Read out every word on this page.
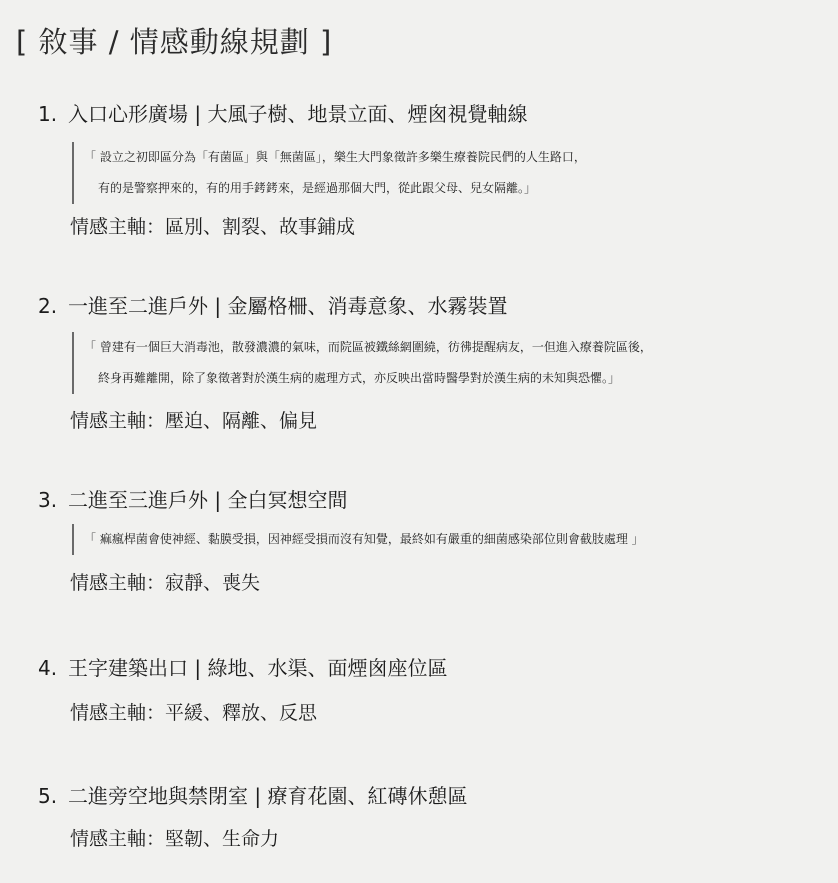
[ 敘事 / 情感動線規劃 ]
1. 入口心形廣場 | 大風子樹、地景立面、煙囪視覺軸線
「 設立之初即區分為「有菌區」與「無菌區」，樂生大門象徵許多樂生療養院民們的人生路口，
有的是警察押來的，有的用手銬銬來，是經過那個大門，從此跟父母、兒女隔離。」
情感主軸：區別、割裂、故事鋪成
2. 一進至二進戶外 | 金屬格柵、消毒意象、水霧裝置
「 曾建有一個巨大消毒池，散發濃濃的氣味，而院區被鐵絲網圍繞，彷彿提醒病友，一但進入療養院區後，
終身再難離開，除了象徵著對於漢生病的處理方式，亦反映出當時醫學對於漢生病的未知與恐懼。」
情感主軸：壓迫、隔離、偏見
3. 二進至三進戶外 | 全白冥想空間
「 痲瘋桿菌會使神經、黏膜受損，因神經受損而沒有知覺，最終如有嚴重的細菌感染部位則會截肢處理 」
情感主軸：寂靜、喪失
4. 王字建築出口 | 綠地、水渠、面煙囪座位區
情感主軸：平緩、釋放、反思
5. 二進旁空地與禁閉室 | 療育花園、紅磚休憩區
情感主軸：堅韌、生命力
